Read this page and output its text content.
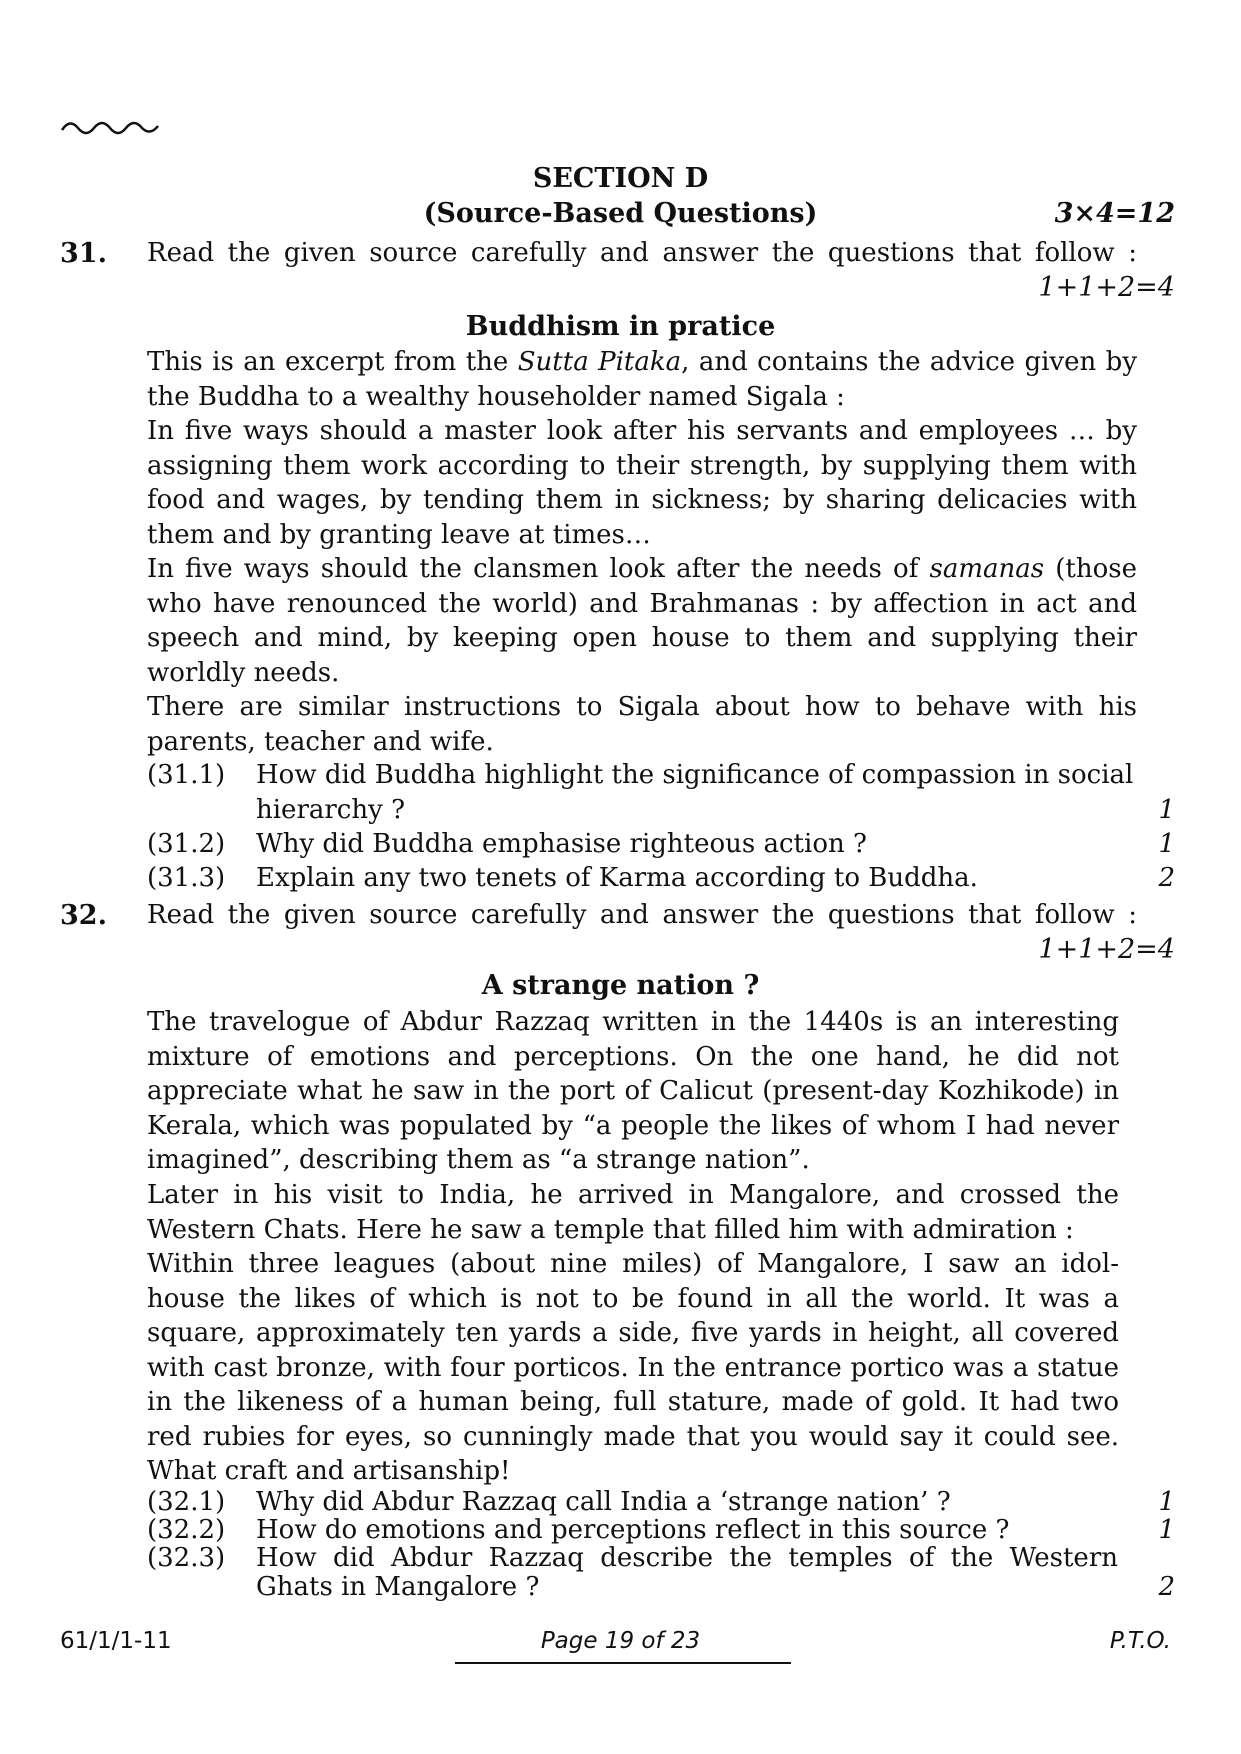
SECTION D
(Source-Based Questions)	3×4=12
31. Read the given source carefully and answer the questions that follow :
1+1+2=4
Buddhism in pratice
This is an excerpt from the Sutta Pitaka, and contains the advice given by
the Buddha to a wealthy householder named Sigala :
In five ways should a master look after his servants and employees … by assigning them work according to their strength, by supplying them with food and wages, by tending them in sickness; by sharing delicacies with them and by granting leave at times…
In five ways should the clansmen look after the needs of samanas (those who have renounced the world) and Brahmanas : by affection in act and speech and mind, by keeping open house to them and supplying their worldly needs.
There are similar instructions to Sigala about how to behave with his parents, teacher and wife.
(31.1) How did Buddha highlight the significance of compassion in social
hierarchy ?	1
(31.2) Why did Buddha emphasise righteous action ?	1
(31.3) Explain any two tenets of Karma according to Buddha.	2
32. Read the given source carefully and answer the questions that follow :
1+1+2=4
A strange nation ?
The travelogue of Abdur Razzaq written in the 1440s is an interesting mixture of emotions and perceptions. On the one hand, he did not appreciate what he saw in the port of Calicut (present-day Kozhikode) in Kerala, which was populated by “a people the likes of whom I had never imagined”, describing them as “a strange nation”.
Later in his visit to India, he arrived in Mangalore, and crossed the Western Chats. Here he saw a temple that filled him with admiration :
Within three leagues (about nine miles) of Mangalore, I saw an idol-house the likes of which is not to be found in all the world. It was a square, approximately ten yards a side, five yards in height, all covered with cast bronze, with four porticos. In the entrance portico was a statue in the likeness of a human being, full stature, made of gold. It had two red rubies for eyes, so cunningly made that you would say it could see. What craft and artisanship!
(32.1) Why did Abdur Razzaq call India a ‘strange nation’ ?	1
(32.2) How do emotions and perceptions reflect in this source ?	1
(32.3) How did Abdur Razzaq describe the temples of the Western
Ghats in Mangalore ?	2
61/1/1-11	Page 19 of 23	P.T.O.
